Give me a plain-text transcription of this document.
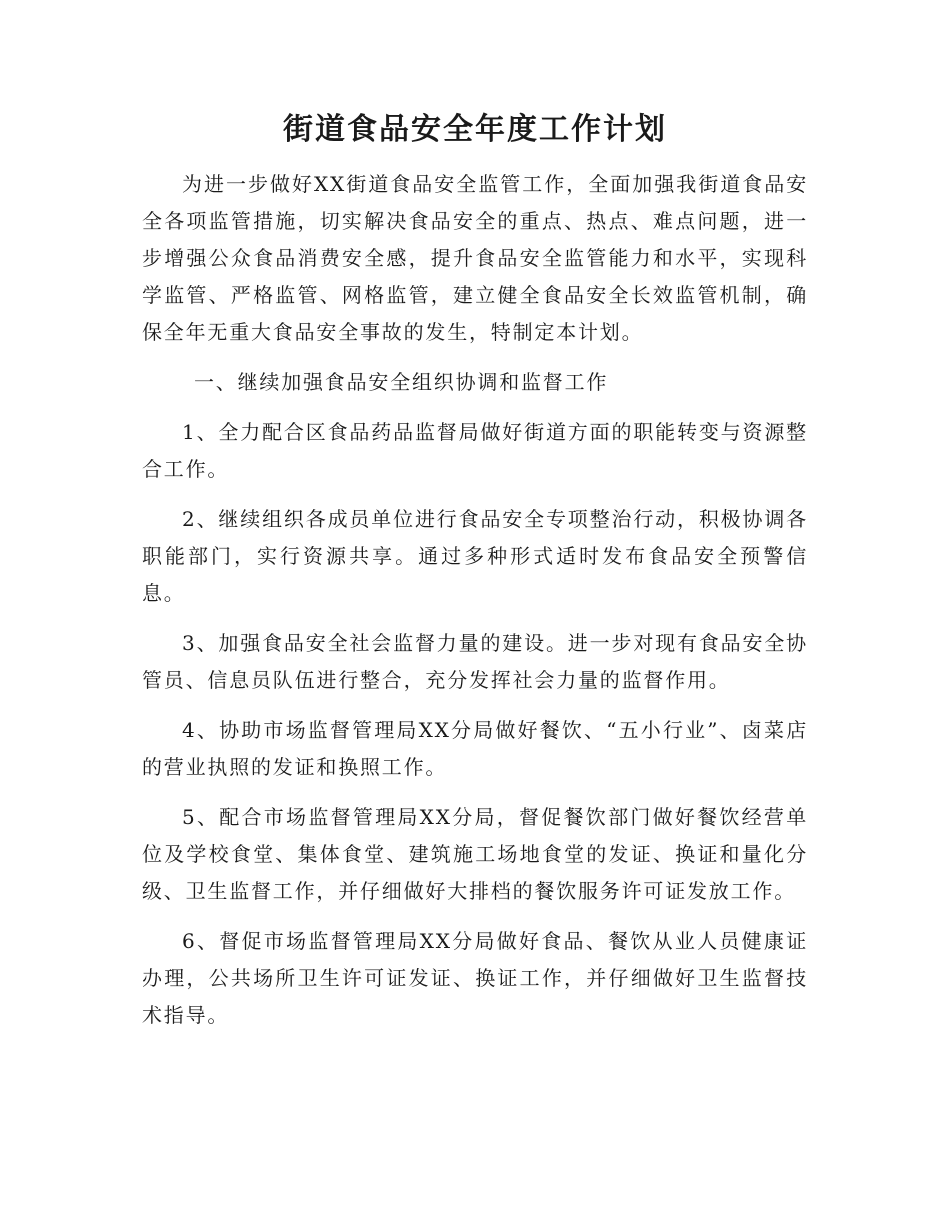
街道食品安全年度工作计划

为进一步做好XX街道食品安全监管工作，全面加强我街道食品安全各项监管措施，切实解决食品安全的重点、热点、难点问题，进一步增强公众食品消费安全感，提升食品安全监管能力和水平，实现科学监管、严格监管、网格监管，建立健全食品安全长效监管机制，确保全年无重大食品安全事故的发生，特制定本计划。

一、继续加强食品安全组织协调和监督工作

1、全力配合区食品药品监督局做好街道方面的职能转变与资源整合工作。

2、继续组织各成员单位进行食品安全专项整治行动，积极协调各职能部门，实行资源共享。通过多种形式适时发布食品安全预警信息。

3、加强食品安全社会监督力量的建设。进一步对现有食品安全协管员、信息员队伍进行整合，充分发挥社会力量的监督作用。

4、协助市场监督管理局XX分局做好餐饮、“五小行业”、卤菜店的营业执照的发证和换照工作。

5、配合市场监督管理局XX分局，督促餐饮部门做好餐饮经营单位及学校食堂、集体食堂、建筑施工场地食堂的发证、换证和量化分级、卫生监督工作，并仔细做好大排档的餐饮服务许可证发放工作。

6、督促市场监督管理局XX分局做好食品、餐饮从业人员健康证办理，公共场所卫生许可证发证、换证工作，并仔细做好卫生监督技术指导。
